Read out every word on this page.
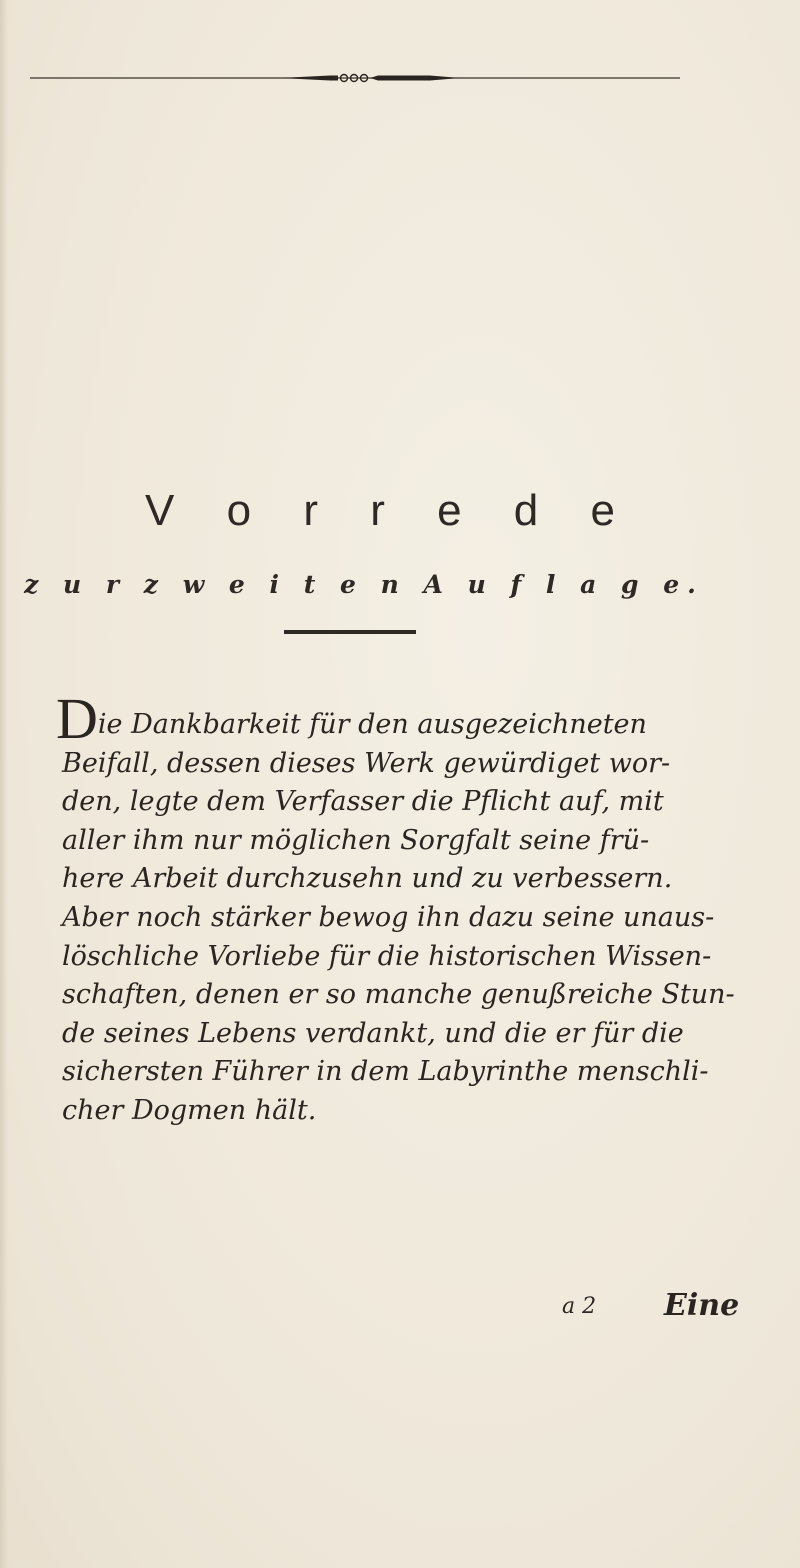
V o r r e d e
z u r z w e i t e n A u f l a g e.

Die Dankbarkeit für den ausgezeichneten
Beifall, dessen dieses Werk gewürdiget wor-
den, legte dem Verfasser die Pflicht auf, mit
aller ihm nur möglichen Sorgfalt seine frü-
here Arbeit durchzusehn und zu verbessern.
Aber noch stärker bewog ihn dazu seine unaus-
löschliche Vorliebe für die historischen Wissen-
schaften, denen er so manche genußreiche Stun-
de seines Lebens verdankt, und die er für die
sichersten Führer in dem Labyrinthe menschli-
cher Dogmen hält.

a 2 Eine
